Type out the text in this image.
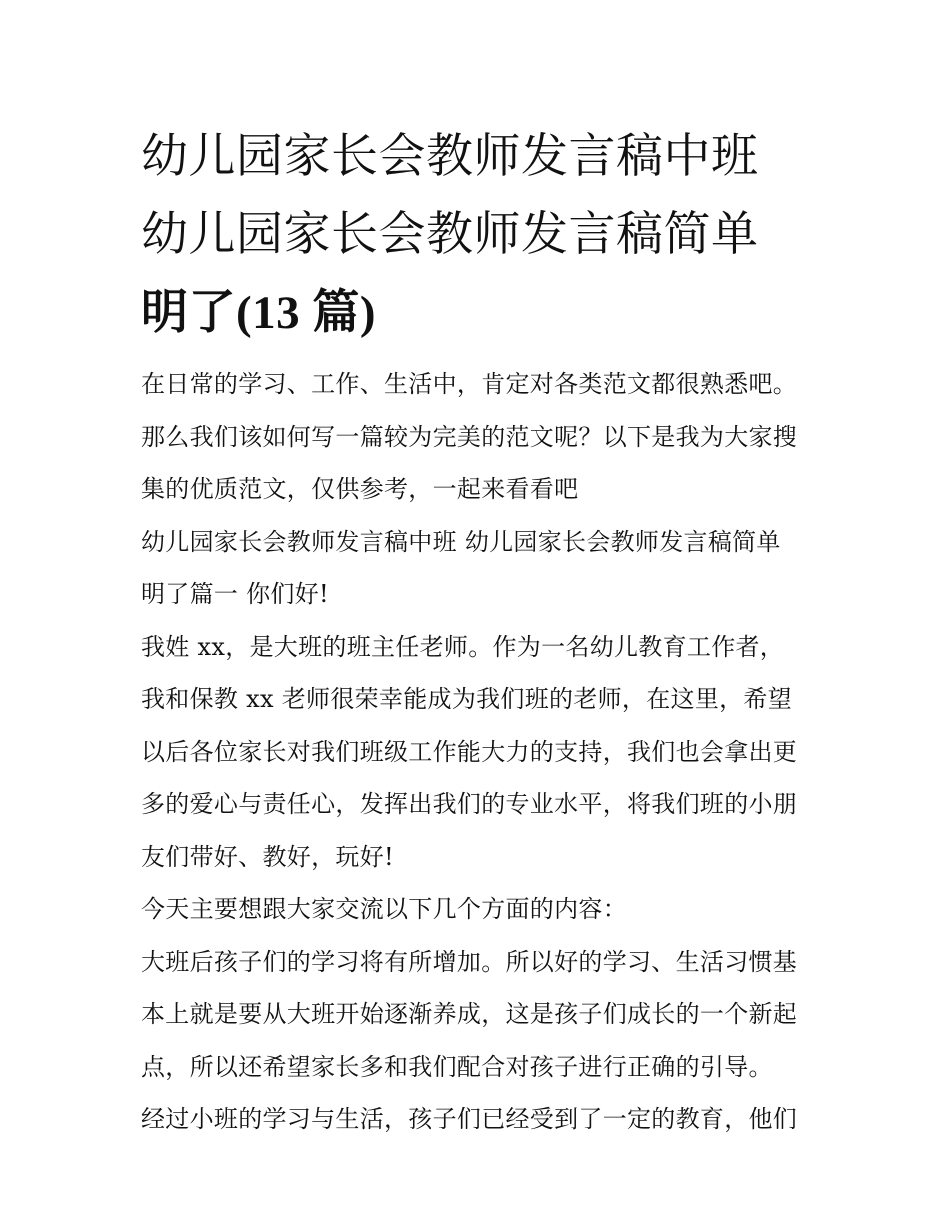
幼儿园家长会教师发言稿中班
幼儿园家长会教师发言稿简单
明了(13 篇)

在日常的学习、工作、生活中，肯定对各类范文都很熟悉吧。
那么我们该如何写一篇较为完美的范文呢？以下是我为大家搜
集的优质范文，仅供参考，一起来看看吧

幼儿园家长会教师发言稿中班 幼儿园家长会教师发言稿简单
明了篇一 你们好!

我姓 xx，是大班的班主任老师。作为一名幼儿教育工作者，
我和保教 xx 老师很荣幸能成为我们班的老师，在这里，希望
以后各位家长对我们班级工作能大力的支持，我们也会拿出更
多的爱心与责任心，发挥出我们的专业水平，将我们班的小朋
友们带好、教好，玩好!

今天主要想跟大家交流以下几个方面的内容：

大班后孩子们的学习将有所增加。所以好的学习、生活习惯基
本上就是要从大班开始逐渐养成，这是孩子们成长的一个新起
点，所以还希望家长多和我们配合对孩子进行正确的引导。

经过小班的学习与生活，孩子们已经受到了一定的教育，他们
